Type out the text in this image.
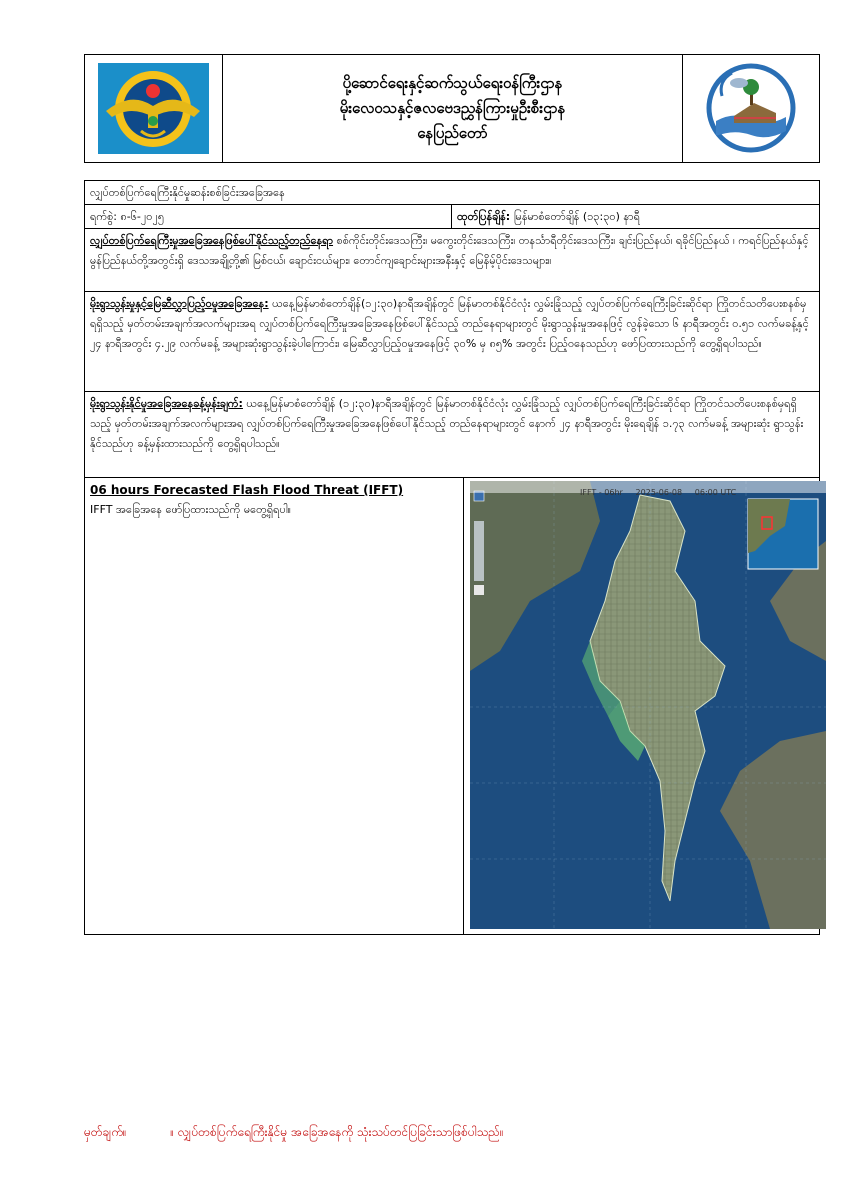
ပို့ဆောင်ရေးနှင့်ဆက်သွယ်ရေးဝန်ကြီးဌာန
မိုးလေဝသနှင့်ဇလဗေဒညွှန်ကြားမှုဦးစီးဌာန
နေပြည်တော်
လျှပ်တစ်ပြက်ရေကြီးနိုင်မှုဆန်းစစ်ခြင်းအခြေအနေ
ရက်စွဲ: ၈-၆-၂၀၂၅	ထုတ်ပြန်ချိန်: မြန်မာစံတော်ချိန် (၁၃:၃၀) နာရီ
လျှပ်တစ်ပြက်ရေကြီးမှုအခြေအနေဖြစ်ပေါ်နိုင်သည့်တည်နေရာ စစ်ကိုင်းတိုင်းဒေသကြီး၊ မကွေးတိုင်းဒေသကြီး၊ တနင်္သာရီတိုင်းဒေသကြီး၊ ချင်းပြည်နယ်၊ ရခိုင်ပြည်နယ် ၊ ကရင်ပြည်နယ်နှင့် မွန်ပြည်နယ်တို့အတွင်းရှိ ဒေသအချို့တို့၏ မြစ်ငယ်၊ ချောင်းငယ်များ၊ တောင်ကျချောင်းများအနီးနှင့် မြေနိမ့်ပိုင်းဒေသများ။
မိုးရွာသွန်းမှုနှင့်မြေဆီလွှာပြည့်ဝမှုအခြေအနေ: ယနေ့မြန်မာစံတော်ချိန်(၁၂:၃၀)နာရီအချိန်တွင် မြန်မာတစ်နိုင်ငံလုံး လွှမ်းခြုံသည့် လျှပ်တစ်ပြက်ရေကြီးခြင်းဆိုင်ရာ ကြိုတင်သတိပေးစနစ်မှရရှိသည့် မှတ်တမ်းအချက်အလက်များအရ လျှပ်တစ်ပြက်ရေကြီးမှုအခြေအနေဖြစ်ပေါ်နိုင်သည့် တည်နေရာများတွင် မိုးရွာသွန်းမှုအနေဖြင့် လွန်ခဲ့သော ၆ နာရီအတွင်း ၀.၅၁ လက်မခန့်နှင့် ၂၄ နာရီအတွင်း ၄.၂၉ လက်မခန့် အများဆုံးရွာသွန်းခဲ့ပါကြောင်း၊ မြေဆီလွှာပြည့်ဝမှုအနေဖြင့် ၃၀% မှ ၈၅% အတွင်း ပြည့်ဝနေသည်ဟု ဖော်ပြထားသည်ကို တွေ့ရှိရပါသည်။
မိုးရွာသွန်းနိုင်မှုအခြေအနေခန့်မှန်းချက်: ယနေ့မြန်မာစံတော်ချိန် (၁၂:၃၀)နာရီအချိန်တွင် မြန်မာတစ်နိုင်ငံလုံး လွှမ်းခြုံသည့် လျှပ်တစ်ပြက်ရေကြီးခြင်းဆိုင်ရာ ကြိုတင်သတိပေးစနစ်မှရရှိသည့် မှတ်တမ်းအချက်အလက်များအရ လျှပ်တစ်ပြက်ရေကြီးမှုအခြေအနေဖြစ်ပေါ်နိုင်သည့် တည်နေရာများတွင် နောက် ၂၄ နာရီအတွင်း မိုးရေချိန် ၁.၇၃ လက်မခန့် အများဆုံး ရွာသွန်းနိုင်သည်ဟု ခန့်မှန်းထားသည်ကို တွေ့ရှိရပါသည်။
06 hours Forecasted Flash Flood Threat (IFFT)
IFFT အခြေအနေ ဖော်ပြထားသည်ကို မတွေ့ရှိရပါ။
IFFT - 06hr 2025-06-08 06:00 UTC
မှတ်ချက်။	။ လျှပ်တစ်ပြက်ရေကြီးနိုင်မှု အခြေအနေကို သုံးသပ်တင်ပြခြင်းသာဖြစ်ပါသည်။
